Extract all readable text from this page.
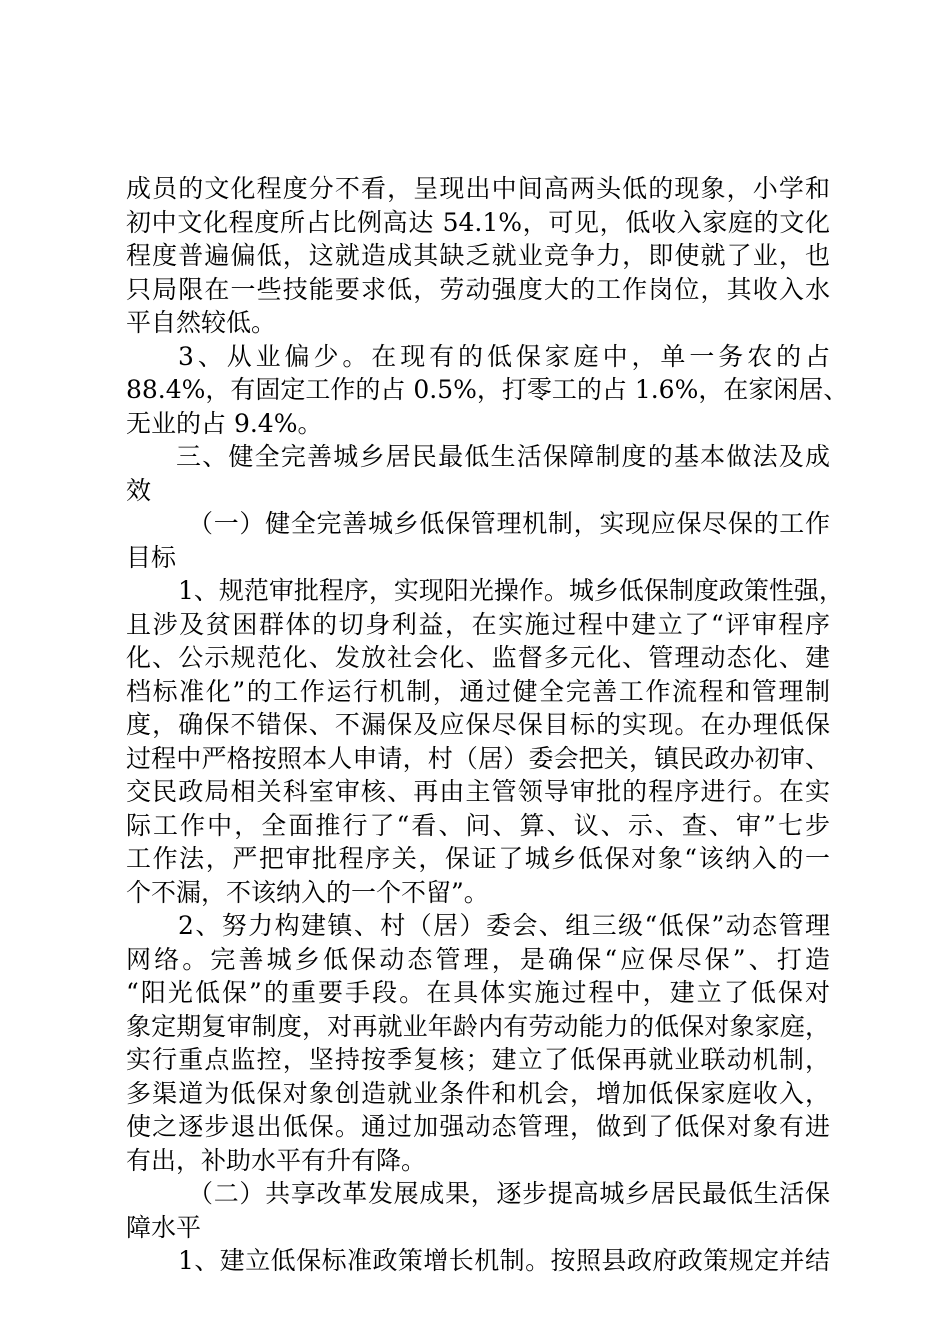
成员的文化程度分不看，呈现出中间高两头低的现象，小学和
初中文化程度所占比例高达 54.1%，可见，低收入家庭的文化
程度普遍偏低，这就造成其缺乏就业竞争力，即使就了业，也
只局限在一些技能要求低，劳动强度大的工作岗位，其收入水
平自然较低。
3、从业偏少。在现有的低保家庭中，单一务农的占
88.4%，有固定工作的占 0.5%，打零工的占 1.6%，在家闲居、
无业的占 9.4%。
三、健全完善城乡居民最低生活保障制度的基本做法及成
效
（一）健全完善城乡低保管理机制，实现应保尽保的工作
目标
1、规范审批程序，实现阳光操作。城乡低保制度政策性强，
且涉及贫困群体的切身利益，在实施过程中建立了“评审程序
化、公示规范化、发放社会化、监督多元化、管理动态化、建
档标准化”的工作运行机制，通过健全完善工作流程和管理制
度，确保不错保、不漏保及应保尽保目标的实现。在办理低保
过程中严格按照本人申请，村（居）委会把关，镇民政办初审、
交民政局相关科室审核、再由主管领导审批的程序进行。在实
际工作中，全面推行了“看、问、算、议、示、查、审”七步
工作法，严把审批程序关，保证了城乡低保对象“该纳入的一
个不漏，不该纳入的一个不留”。
2、努力构建镇、村（居）委会、组三级“低保”动态管理
网络。完善城乡低保动态管理，是确保“应保尽保”、打造
“阳光低保”的重要手段。在具体实施过程中，建立了低保对
象定期复审制度，对再就业年龄内有劳动能力的低保对象家庭，
实行重点监控，坚持按季复核；建立了低保再就业联动机制，
多渠道为低保对象创造就业条件和机会，增加低保家庭收入，
使之逐步退出低保。通过加强动态管理，做到了低保对象有进
有出，补助水平有升有降。
（二）共享改革发展成果，逐步提高城乡居民最低生活保
障水平
1、建立低保标准政策增长机制。按照县政府政策规定并结
